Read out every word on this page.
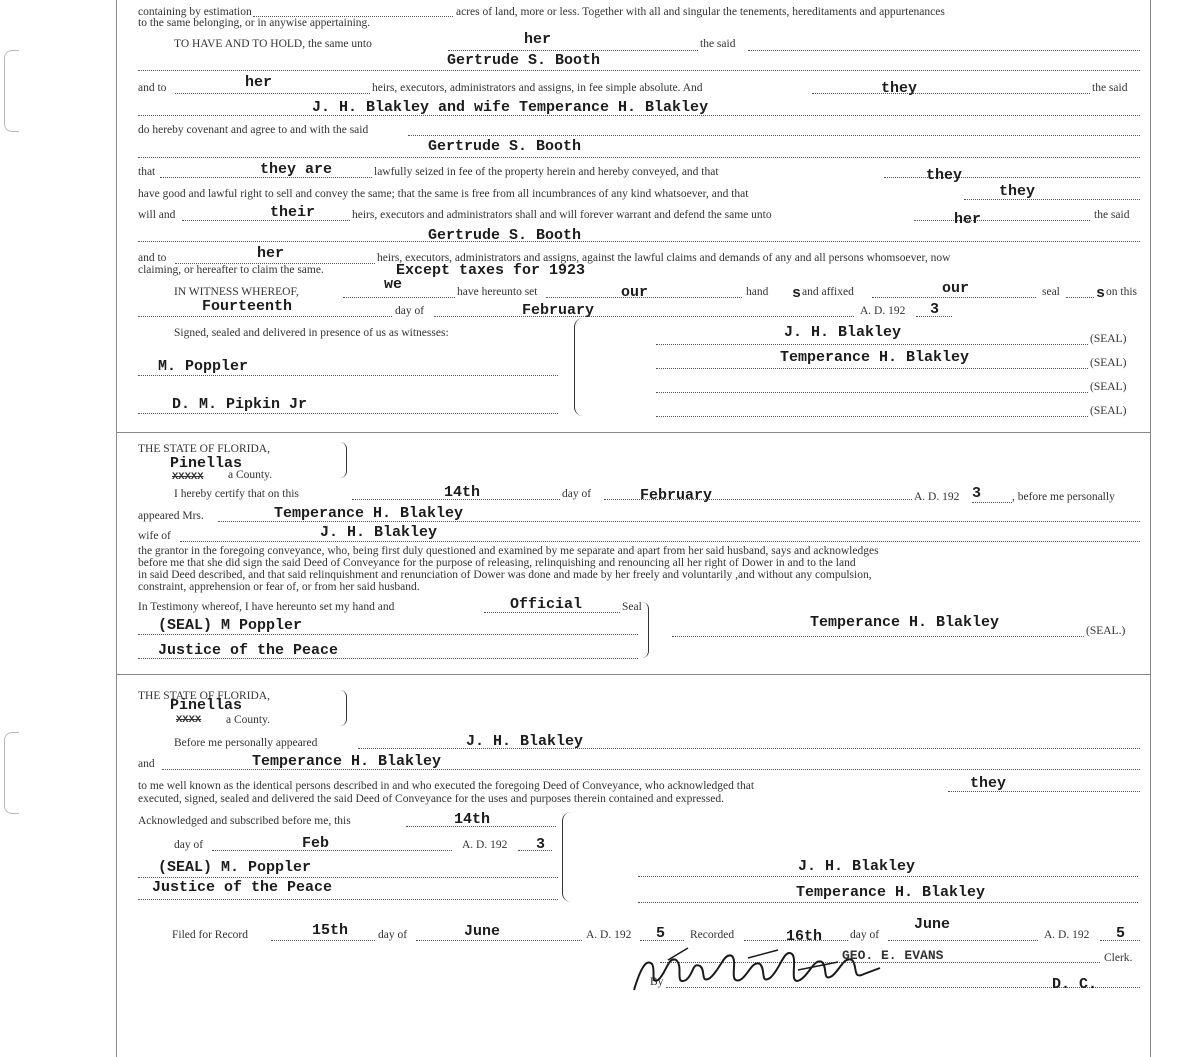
containing by estimation	acres of land, more or less. Together with all and singular the tenements, hereditaments and appurtenances
to the same belonging, or in anywise appertaining.
TO HAVE AND TO HOLD, the same unto	her	the said
Gertrude S. Booth
and to	her	heirs, executors, administrators and assigns, in fee simple absolute. And	they	the said
J. H. Blakley and wife Temperance H. Blakley
do hereby covenant and agree to and with the said
Gertrude S. Booth
that	they are	lawfully seized in fee of the property herein and hereby conveyed, and that	they
have good and lawful right to sell and convey the same; that the same is free from all incumbrances of any kind whatsoever, and that	they
will and	their	heirs, executors and administrators shall and will forever warrant and defend the same unto	her	the said
Gertrude S. Booth
and to	her	heirs, executors, administrators and assigns, against the lawful claims and demands of any and all persons whomsoever, now
claiming, or hereafter to claim the same.	Except taxes for 1923
IN WITNESS WHEREOF,	we	have hereunto set	our	hand s and affixed	our	seal s on this
Fourteenth	day of	February	A. D. 192 3
Signed, sealed and delivered in presence of us as witnesses:
M. Poppler
D. M. Pipkin Jr
J. H. Blakley	(SEAL)
Temperance H. Blakley	(SEAL)
(SEAL)
(SEAL)
THE STATE OF FLORIDA,
Pinellas
XXXXX a County.
I hereby certify that on this	14th	day of	February	A. D. 192 3	, before me personally
appeared Mrs.	Temperance H. Blakley
wife of	J. H. Blakley
the grantor in the foregoing conveyance, who, being first duly questioned and examined by me separate and apart from her said husband, says and acknowledges
before me that she did sign the said Deed of Conveyance for the purpose of releasing, relinquishing and renouncing all her right of Dower in and to the land
in said Deed described, and that said relinquishment and renunciation of Dower was done and made by her freely and voluntarily ,and without any compulsion,
constraint, apprehension or fear of, or from her said husband.
In Testimony whereof, I have hereunto set my hand and	Official	Seal
(SEAL) M Poppler
Justice of the Peace
Temperance H. Blakley	(SEAL.)
THE STATE OF FLORIDA,
Pinellas
XXXX a County.
Before me personally appeared	J. H. Blakley
and	Temperance H. Blakley
to me well known as the identical persons described in and who executed the foregoing Deed of Conveyance, who acknowledged that	they
executed, signed, sealed and delivered the said Deed of Conveyance for the uses and purposes therein contained and expressed.
Acknowledged and subscribed before me, this	14th
day of	Feb	A. D. 192 3
(SEAL) M. Poppler
Justice of the Peace
J. H. Blakley
Temperance H. Blakley
Filed for Record	15th	day of	June	A. D. 192 5 Recorded	16th day of
June
A. D. 192 5
GEO. E. EVANS	Clerk.
By	D. C.
